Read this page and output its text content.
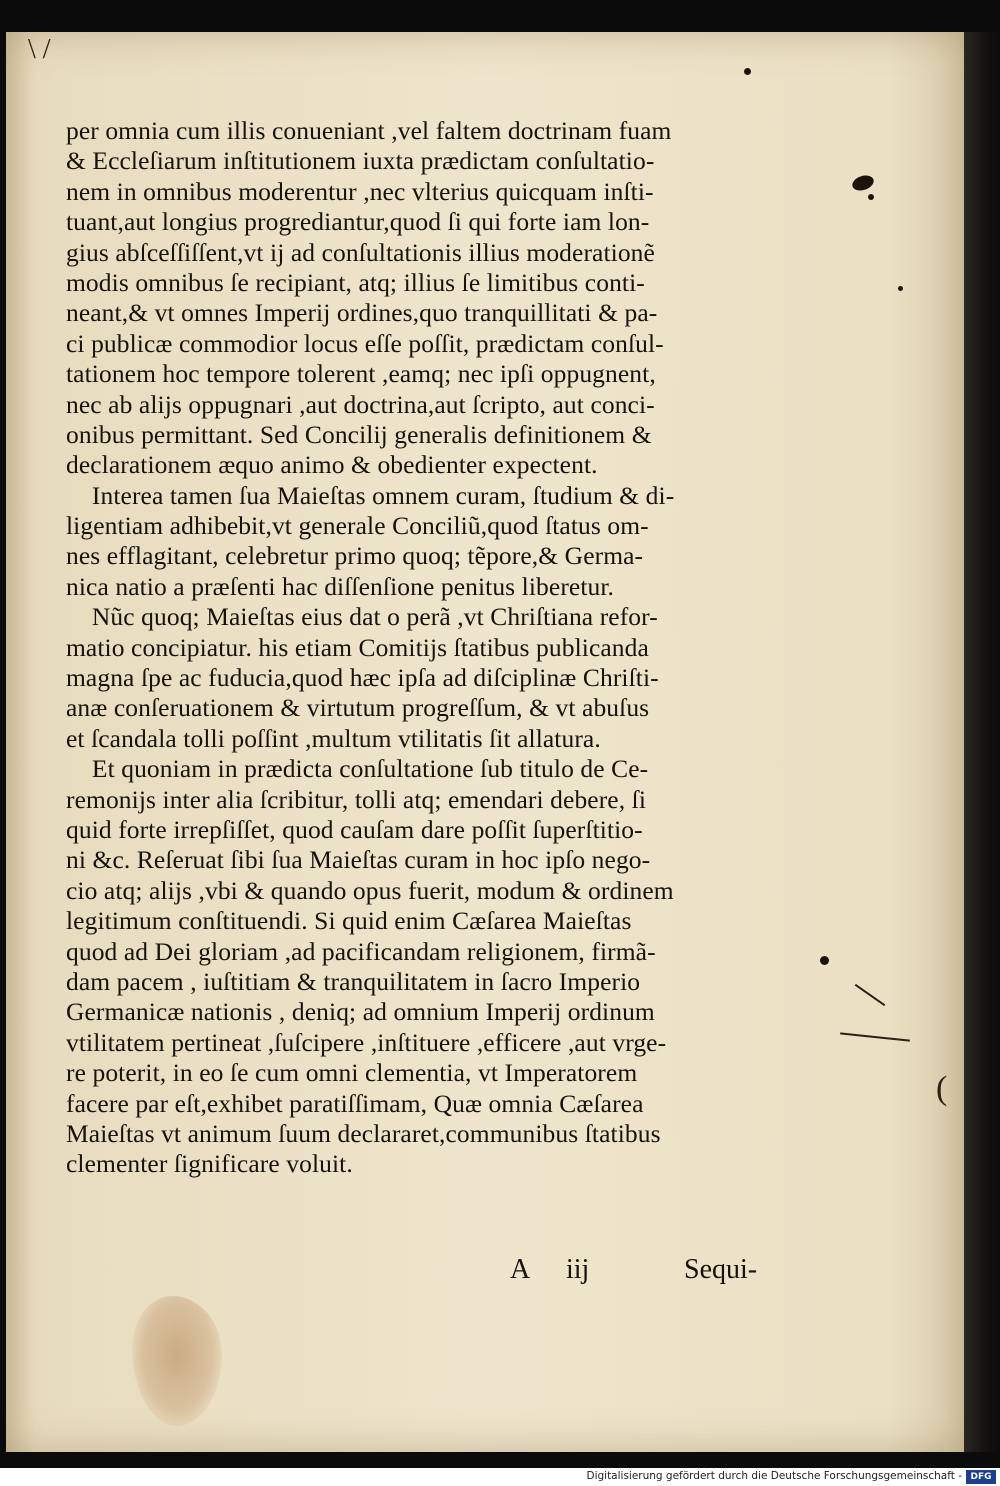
\ /
(
per omnia cum illis conueniant ,vel faltem doctrinam fuam
& Eccleſiarum inſtitutionem iuxta prædictam conſultatio-
nem in omnibus moderentur ,nec vlterius quicquam inſti-
tuant,aut longius progrediantur,quod ſi qui forte iam lon-
gius abſceſſiſſent,vt ij ad conſultationis illius moderationẽ
modis omnibus ſe recipiant, atq; illius ſe limitibus conti-
neant,& vt omnes Imperij ordines,quo tranquillitati & pa-
ci publicæ commodior locus eſſe poſſit, prædictam conſul-
tationem hoc tempore tolerent ,eamq; nec ipſi oppugnent,
nec ab alijs oppugnari ,aut doctrina,aut ſcripto, aut conci-
onibus permittant. Sed Concilij generalis definitionem &
declarationem æquo animo & obedienter expectent.
Interea tamen ſua Maieſtas omnem curam, ſtudium & di-
ligentiam adhibebit,vt generale Conciliũ,quod ſtatus om-
nes efflagitant, celebretur primo quoq; tẽpore,& Germa-
nica natio a præſenti hac diſſenſione penitus liberetur.
Nũc quoq; Maieſtas eius dat o perã ,vt Chriſtiana refor-
matio concipiatur. his etiam Comitijs ſtatibus publicanda
magna ſpe ac fuducia,quod hæc ipſa ad diſciplinæ Chriſti-
anæ conſeruationem & virtutum progreſſum, & vt abuſus
et ſcandala tolli poſſint ,multum vtilitatis ſit allatura.
Et quoniam in prædicta conſultatione ſub titulo de Ce-
remonijs inter alia ſcribitur, tolli atq; emendari debere, ſi
quid forte irrepſiſſet, quod cauſam dare poſſit ſuperſtitio-
ni &c. Reſeruat ſibi ſua Maieſtas curam in hoc ipſo nego-
cio atq; alijs ,vbi & quando opus fuerit, modum & ordinem
legitimum conſtituendi. Si quid enim Cæſarea Maieſtas
quod ad Dei gloriam ,ad pacificandam religionem, firmã-
dam pacem , iuſtitiam & tranquilitatem in ſacro Imperio
Germanicæ nationis , deniq; ad omnium Imperij ordinum
vtilitatem pertineat ,ſuſcipere ,inſtituere ,efficere ,aut vrge-
re poterit, in eo ſe cum omni clementia, vt Imperatorem
facere par eſt,exhibet paratiſſimam, Quæ omnia Cæſarea
Maieſtas vt animum ſuum declararet,communibus ſtatibus
clementer ſignificare voluit.
A iij	Sequi-
Digitalisierung gefördert durch die Deutsche Forschungsgemeinschaft - DFG
